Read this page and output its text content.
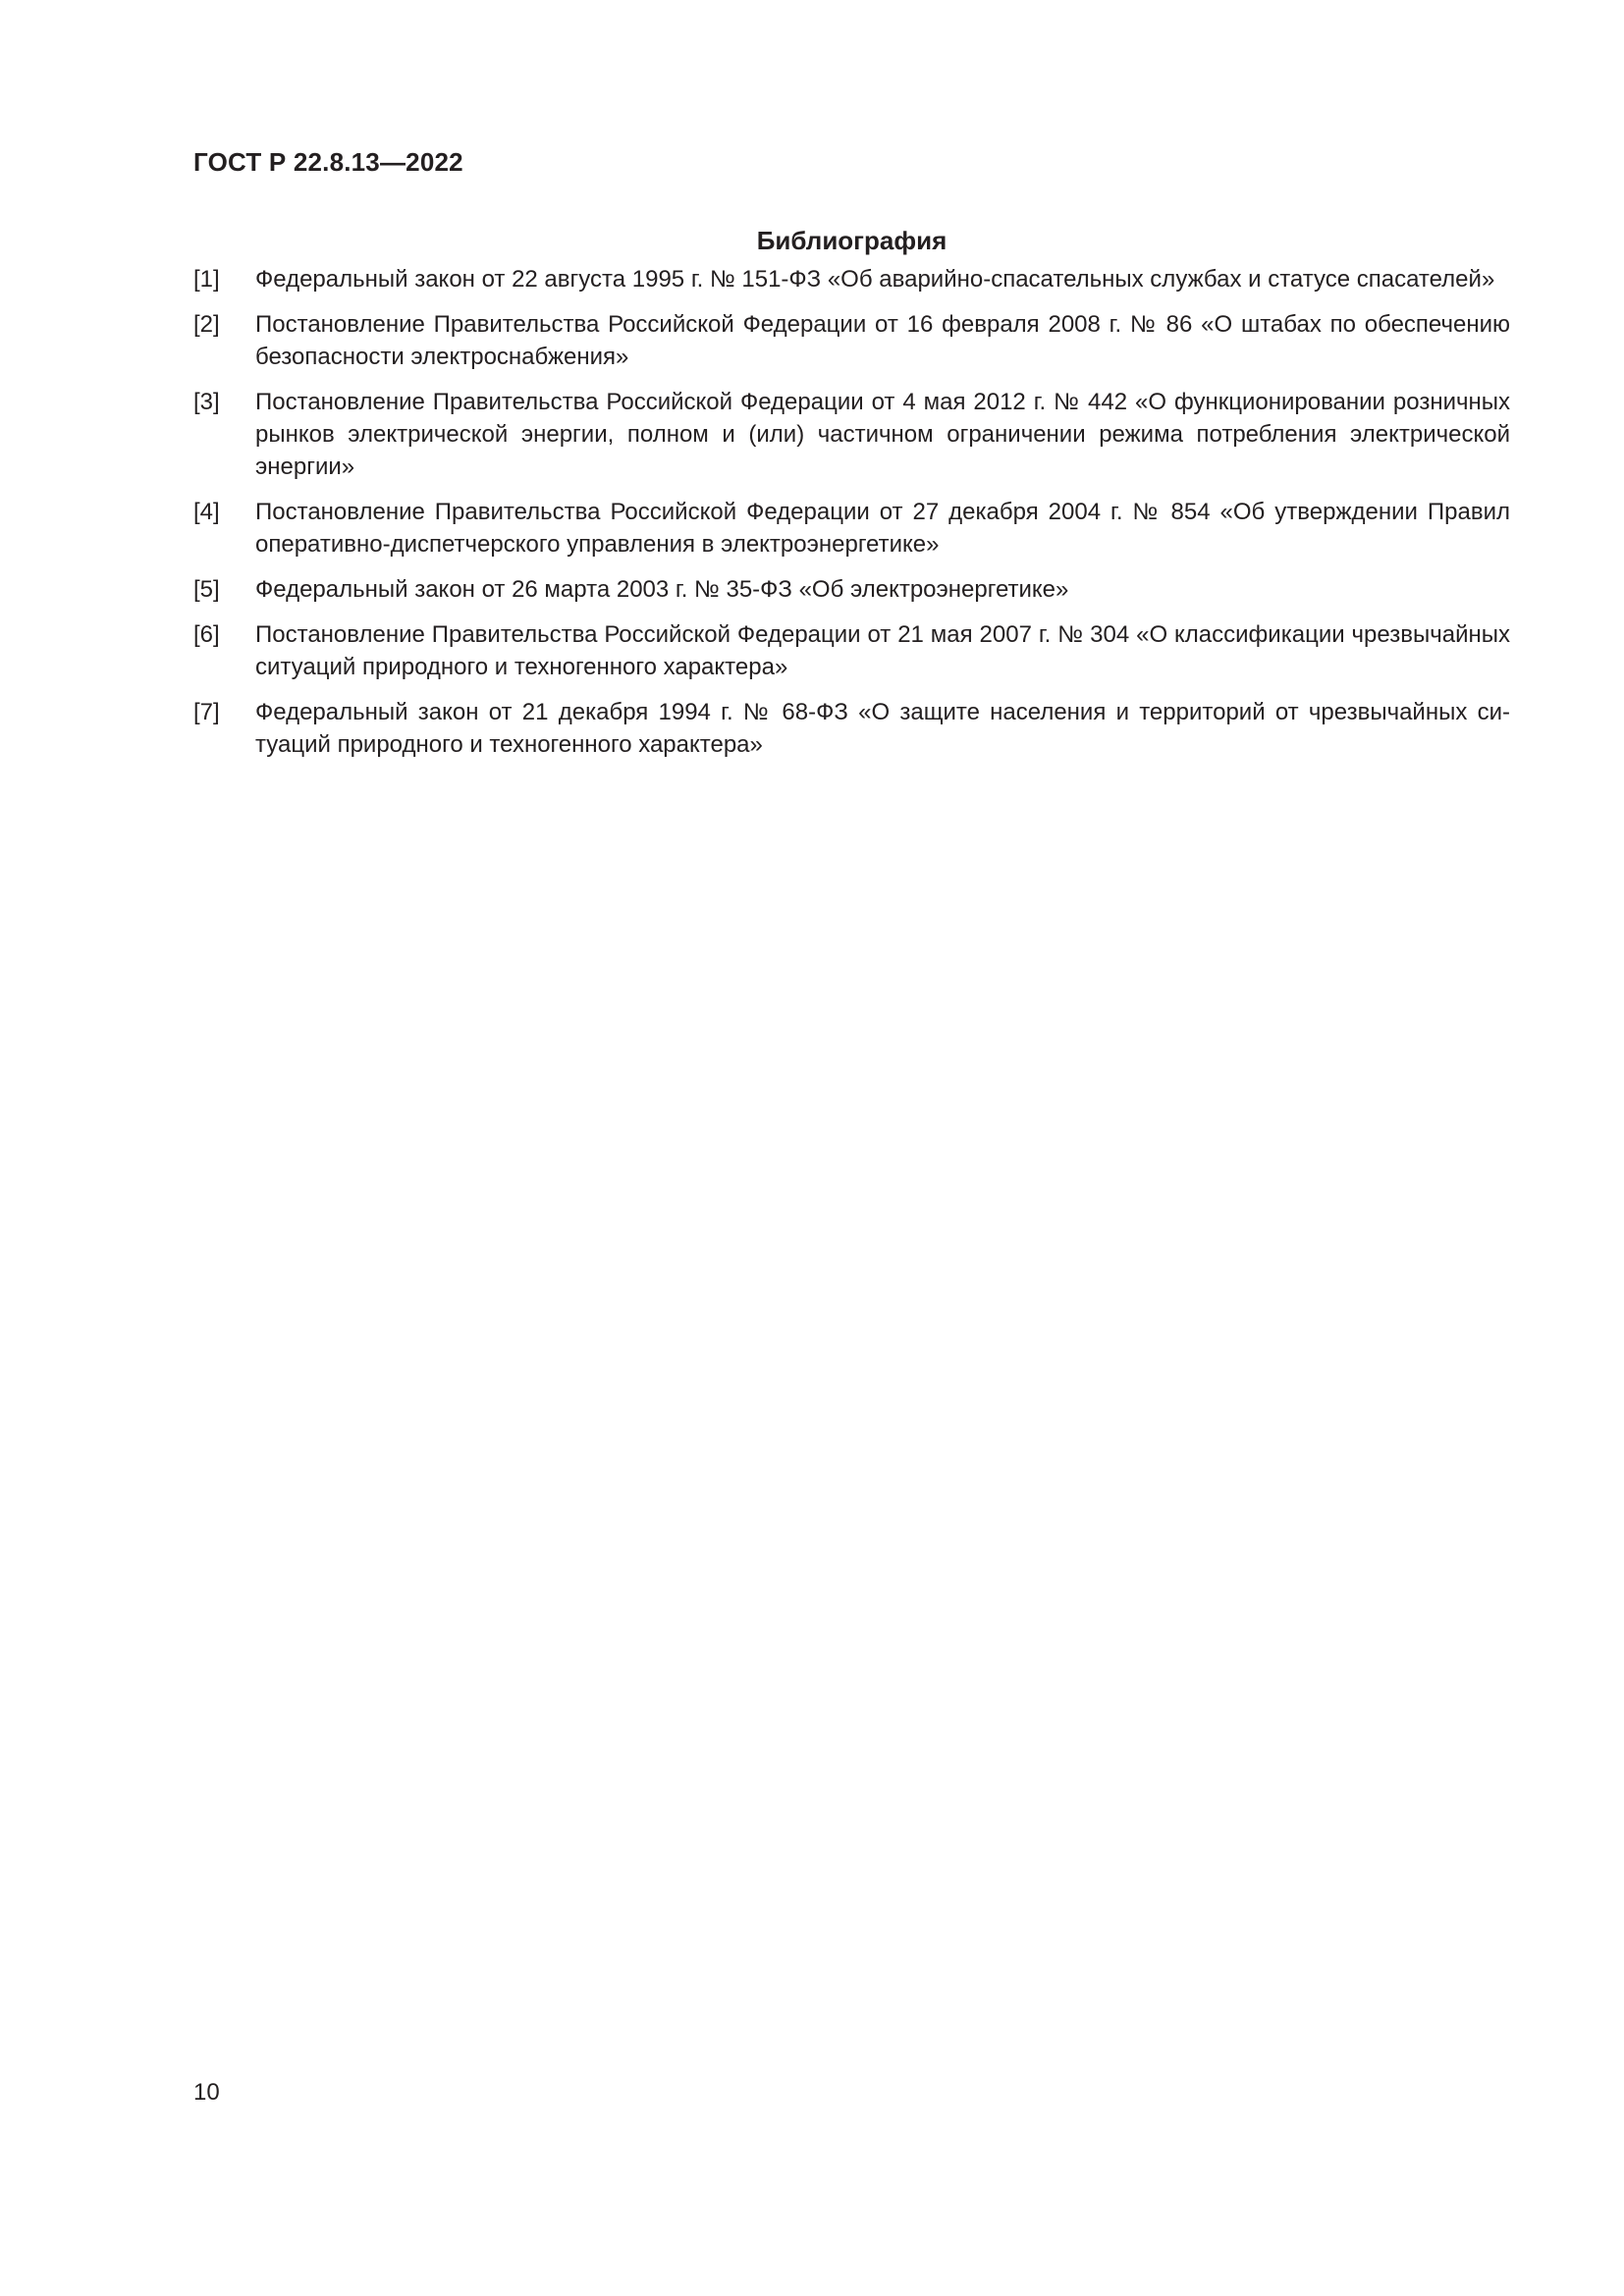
ГОСТ Р 22.8.13—2022
Библиография
[1]	Федеральный закон от 22 августа 1995 г. № 151-ФЗ «Об аварийно-спасательных службах и статусе спасателей»
[2]	Постановление Правительства Российской Федерации от 16 февраля 2008 г. № 86 «О штабах по обеспечению безопасности электроснабжения»
[3]	Постановление Правительства Российской Федерации от 4 мая 2012 г. № 442 «О функционировании розничных рынков электрической энергии, полном и (или) частичном ограничении режима потребления электрической энергии»
[4]	Постановление Правительства Российской Федерации от 27 декабря 2004 г. № 854 «Об утверждении Правил оперативно-диспетчерского управления в электроэнергетике»
[5]	Федеральный закон от 26 марта 2003 г. № 35-ФЗ «Об электроэнергетике»
[6]	Постановление Правительства Российской Федерации от 21 мая 2007 г. № 304 «О классификации чрезвычайных ситуаций природного и техногенного характера»
[7]	Федеральный закон от 21 декабря 1994 г. № 68-ФЗ «О защите населения и территорий от чрезвычайных ситуаций природного и техногенного характера»
10
